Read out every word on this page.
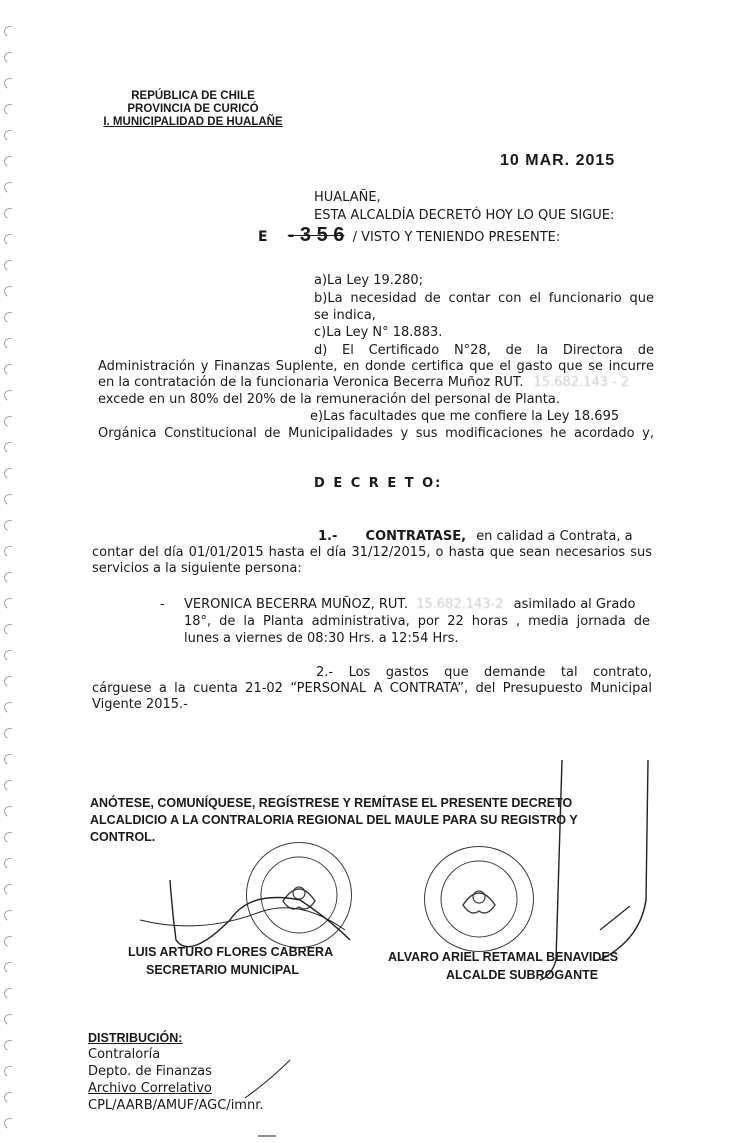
REPÚBLICA DE CHILE
PROVINCIA DE CURICÓ
I. MUNICIPALIDAD DE HUALAÑE
10 MAR. 2015
HUALAÑE,
ESTA ALCALDÍA DECRETÓ HOY LO QUE SIGUE:
E - 3 5 6 / VISTO Y TENIENDO PRESENTE:
a)La Ley 19.280;
b)La necesidad de contar con el funcionario que
se indica,
c)La Ley N° 18.883.
d) El Certificado N°28, de la Directora de
Administración y Finanzas Suplente, en donde certifica que el gasto que se incurre
en la contratación de la funcionaria Veronica Becerra Muñoz RUT. 15.682.143 - 2
excede en un 80% del 20% de la remuneración del personal de Planta.
e)Las facultades que me confiere la Ley 18.695
Orgánica Constitucional de Municipalidades y sus modificaciones he acordado y,
D E C R E T O:
1.- CONTRATASE, en calidad a Contrata, a
contar del día 01/01/2015 hasta el día 31/12/2015, o hasta que sean necesarios sus
servicios a la siguiente persona:
- VERONICA BECERRA MUÑOZ, RUT. 15.682.143-2 asimilado al Grado
18°, de la Planta administrativa, por 22 horas , media jornada de
lunes a viernes de 08:30 Hrs. a 12:54 Hrs.
2.- Los gastos que demande tal contrato,
cárguese a la cuenta 21-02 “PERSONAL A CONTRATA”, del Presupuesto Municipal
Vigente 2015.-
ANÓTESE, COMUNÍQUESE, REGÍSTRESE Y REMÍTASE EL PRESENTE DECRETO
ALCALDICIO A LA CONTRALORIA REGIONAL DEL MAULE PARA SU REGISTRO Y
CONTROL.
LUIS ARTURO FLORES CABRERA
SECRETARIO MUNICIPAL
ALVARO ARIEL RETAMAL BENAVIDES
ALCALDE SUBROGANTE
DISTRIBUCIÓN:
Contraloría
Depto. de Finanzas
Archivo Correlativo
CPL/AARB/AMUF/AGC/imnr.
